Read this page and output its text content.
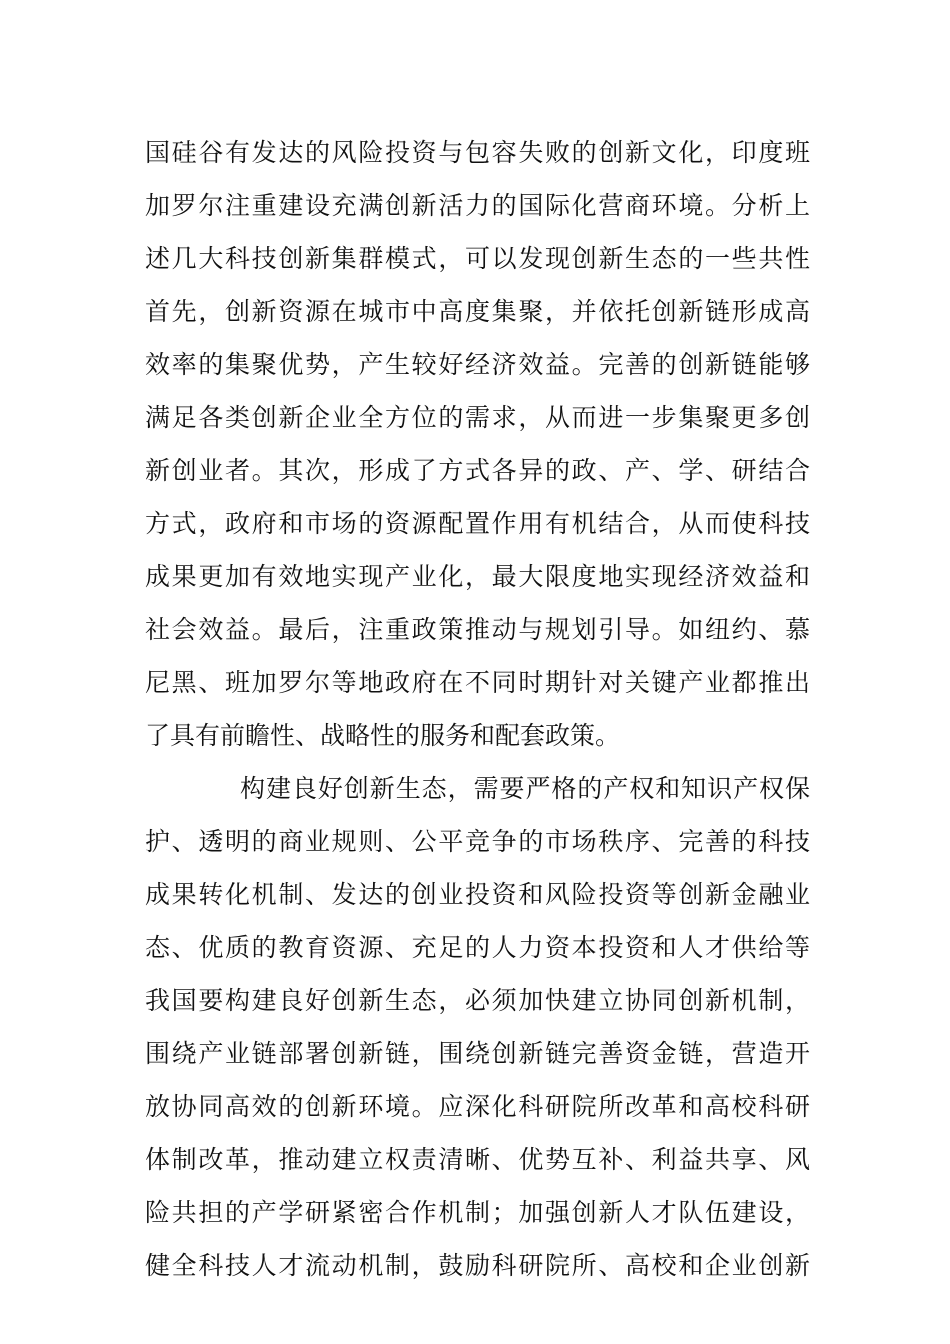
国硅谷有发达的风险投资与包容失败的创新文化，印度班
加罗尔注重建设充满创新活力的国际化营商环境。分析上
述几大科技创新集群模式，可以发现创新生态的一些共性
首先，创新资源在城市中高度集聚，并依托创新链形成高
效率的集聚优势，产生较好经济效益。完善的创新链能够
满足各类创新企业全方位的需求，从而进一步集聚更多创
新创业者。其次，形成了方式各异的政、产、学、研结合
方式，政府和市场的资源配置作用有机结合，从而使科技
成果更加有效地实现产业化，最大限度地实现经济效益和
社会效益。最后，注重政策推动与规划引导。如纽约、慕
尼黑、班加罗尔等地政府在不同时期针对关键产业都推出
了具有前瞻性、战略性的服务和配套政策。
构建良好创新生态，需要严格的产权和知识产权保
护、透明的商业规则、公平竞争的市场秩序、完善的科技
成果转化机制、发达的创业投资和风险投资等创新金融业
态、优质的教育资源、充足的人力资本投资和人才供给等
我国要构建良好创新生态，必须加快建立协同创新机制，
围绕产业链部署创新链，围绕创新链完善资金链，营造开
放协同高效的创新环境。应深化科研院所改革和高校科研
体制改革，推动建立权责清晰、优势互补、利益共享、风
险共担的产学研紧密合作机制；加强创新人才队伍建设，
健全科技人才流动机制，鼓励科研院所、高校和企业创新
